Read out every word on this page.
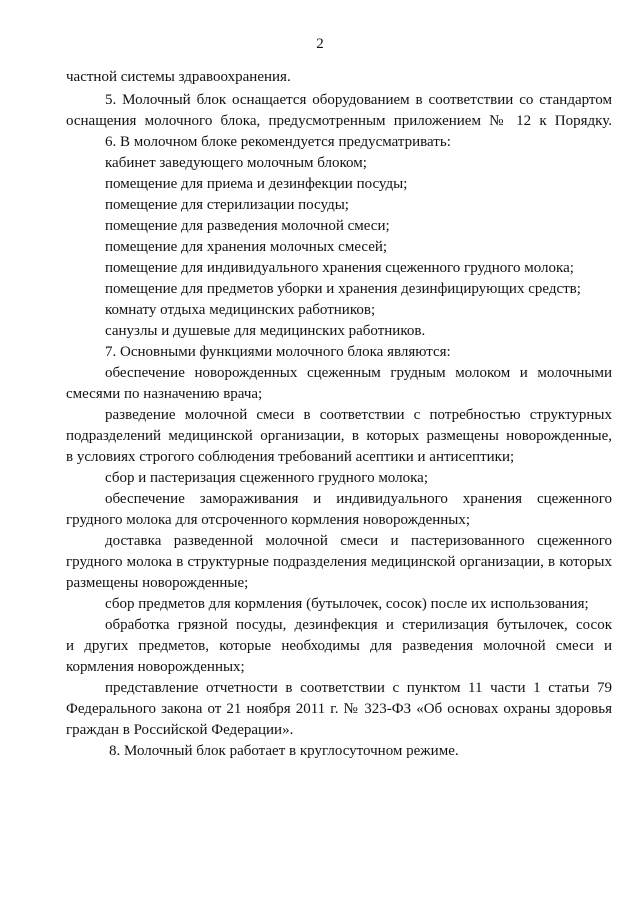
2
частной системы здравоохранения.
5. Молочный блок оснащается оборудованием в соответствии со стандартом
оснащения молочного блока, предусмотренным приложением № 12 к Порядку.
6. В молочном блоке рекомендуется предусматривать:
кабинет заведующего молочным блоком;
помещение для приема и дезинфекции посуды;
помещение для стерилизации посуды;
помещение для разведения молочной смеси;
помещение для хранения молочных смесей;
помещение для индивидуального хранения сцеженного грудного молока;
помещение для предметов уборки и хранения дезинфицирующих средств;
комнату отдыха медицинских работников;
санузлы и душевые для медицинских работников.
7. Основными функциями молочного блока являются:
обеспечение новорожденных сцеженным грудным молоком и молочными
смесями по назначению врача;
разведение молочной смеси в соответствии с потребностью структурных
подразделений медицинской организации, в которых размещены новорожденные,
в условиях строгого соблюдения требований асептики и антисептики;
сбор и пастеризация сцеженного грудного молока;
обеспечение замораживания и индивидуального хранения сцеженного
грудного молока для отсроченного кормления новорожденных;
доставка разведенной молочной смеси и пастеризованного сцеженного
грудного молока в структурные подразделения медицинской организации, в которых
размещены новорожденные;
сбор предметов для кормления (бутылочек, сосок) после их использования;
обработка грязной посуды, дезинфекция и стерилизация бутылочек, сосок
и других предметов, которые необходимы для разведения молочной смеси и
кормления новорожденных;
представление отчетности в соответствии с пунктом 11 части 1 статьи 79
Федерального закона от 21 ноября 2011 г. № 323-ФЗ «Об основах охраны здоровья
граждан в Российской Федерации».
8. Молочный блок работает в круглосуточном режиме.
